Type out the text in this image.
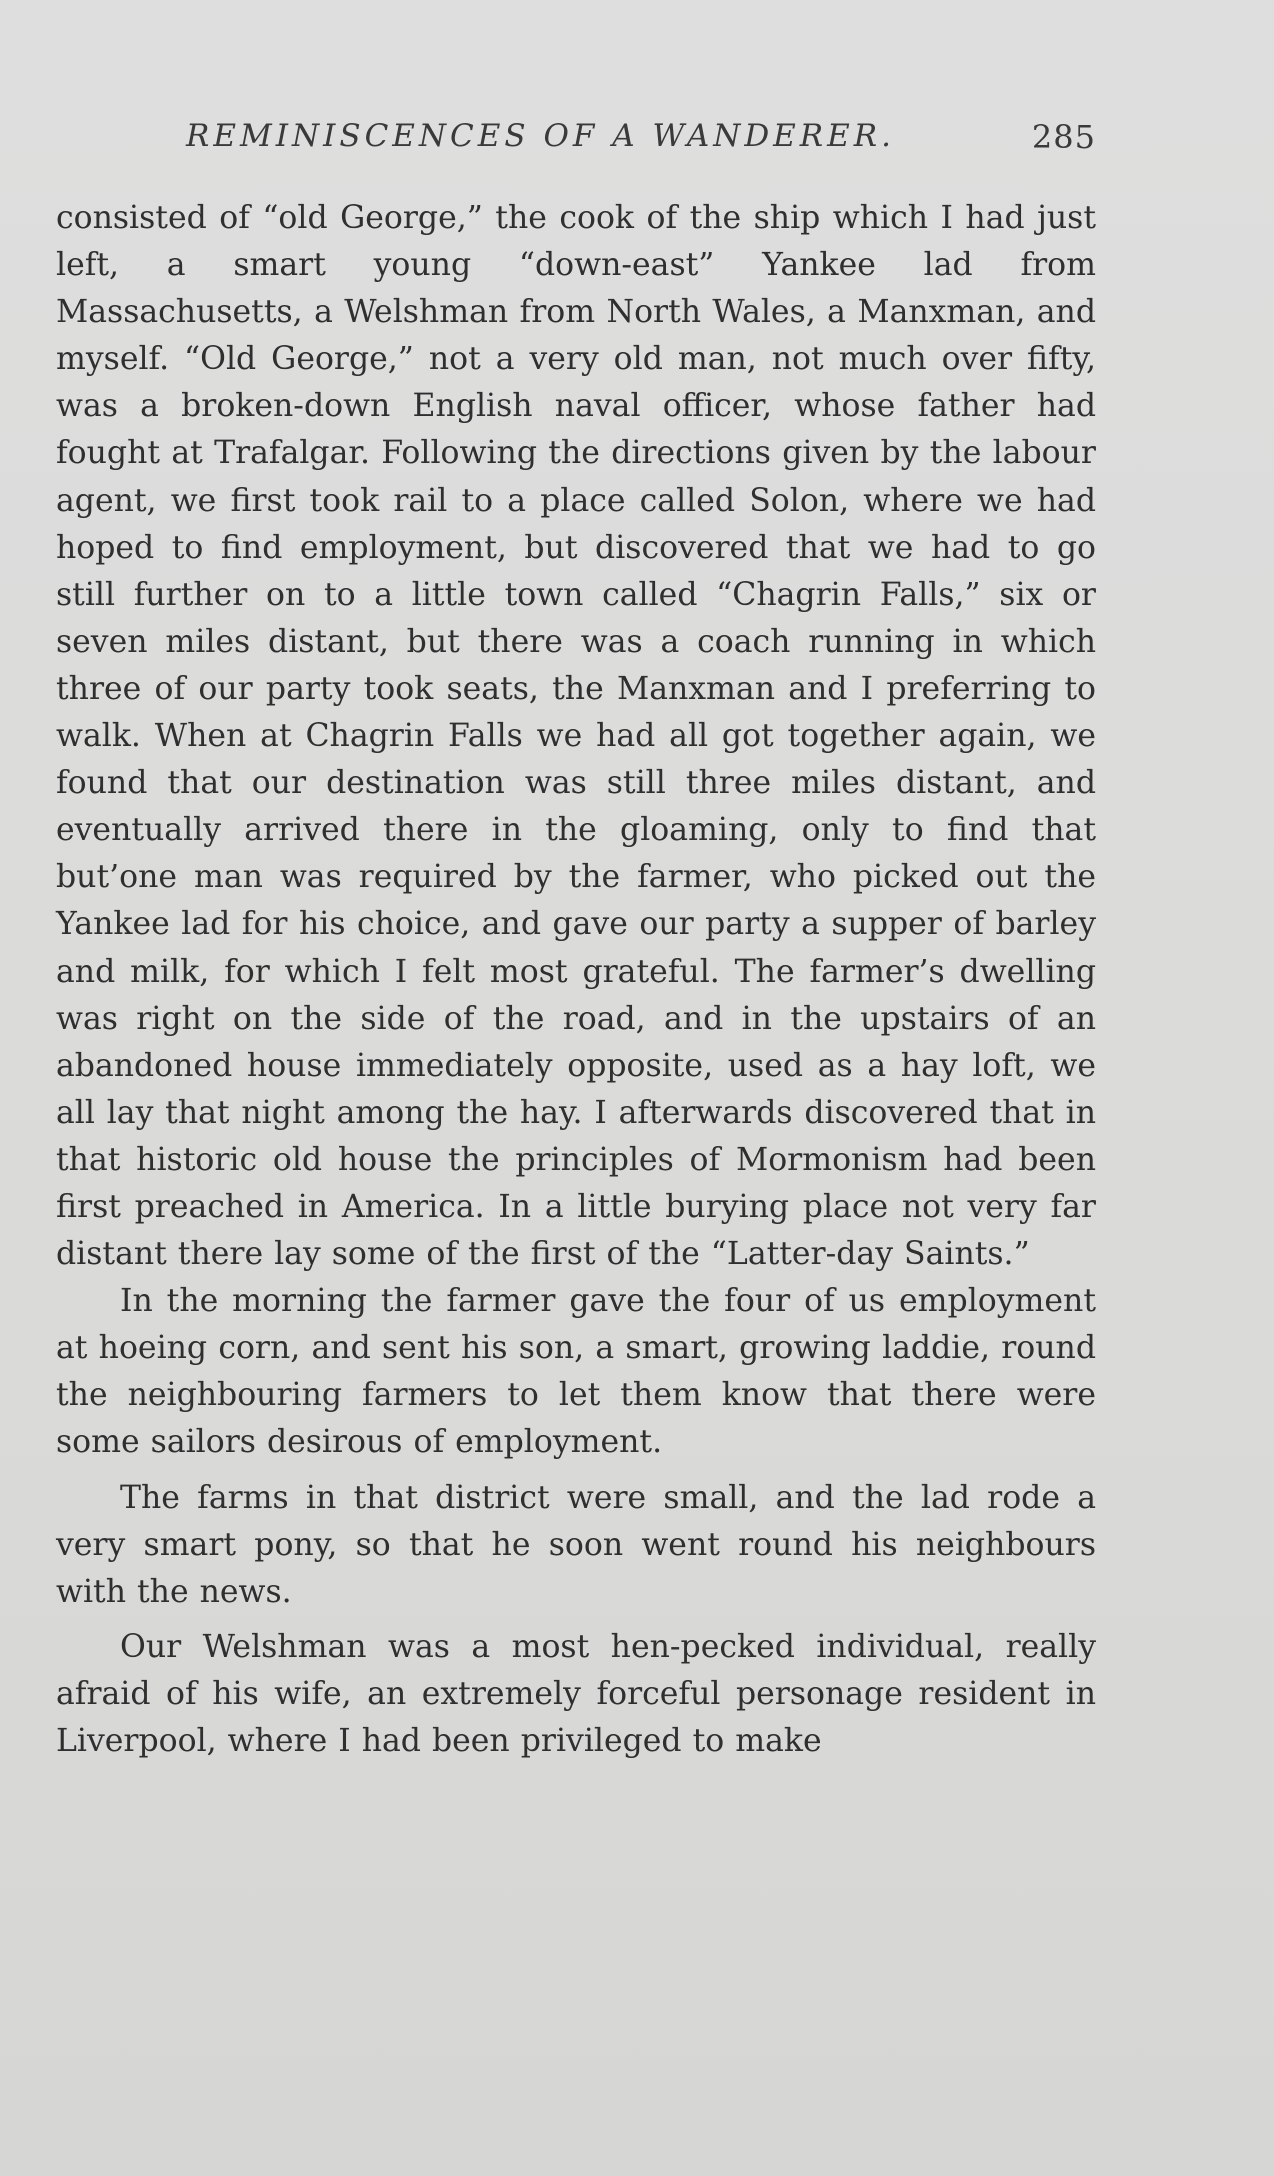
REMINISCENCES OF A WANDERER.	285

consisted of “old George,” the cook of the ship which I had just left, a smart young “down-east” Yankee lad from Massachusetts, a Welshman from North Wales, a Manxman, and myself. “Old George,” not a very old man, not much over fifty, was a broken-down English naval officer, whose father had fought at Trafalgar. Following the directions given by the labour agent, we first took rail to a place called Solon, where we had hoped to find employment, but discovered that we had to go still further on to a little town called “Chagrin Falls,” six or seven miles distant, but there was a coach running in which three of our party took seats, the Manxman and I preferring to walk. When at Chagrin Falls we had all got together again, we found that our destination was still three miles distant, and eventually arrived there in the gloaming, only to find that but’one man was required by the farmer, who picked out the Yankee lad for his choice, and gave our party a supper of barley and milk, for which I felt most grateful. The farmer’s dwelling was right on the side of the road, and in the upstairs of an abandoned house immediately opposite, used as a hay loft, we all lay that night among the hay. I afterwards discovered that in that historic old house the principles of Mormonism had been first preached in America. In a little burying place not very far distant there lay some of the first of the “Latter-day Saints.”

In the morning the farmer gave the four of us employment at hoeing corn, and sent his son, a smart, growing laddie, round the neighbouring farmers to let them know that there were some sailors desirous of employment.

The farms in that district were small, and the lad rode a very smart pony, so that he soon went round his neighbours with the news.

Our Welshman was a most hen-pecked individual, really afraid of his wife, an extremely forceful personage resident in Liverpool, where I had been privileged to make
